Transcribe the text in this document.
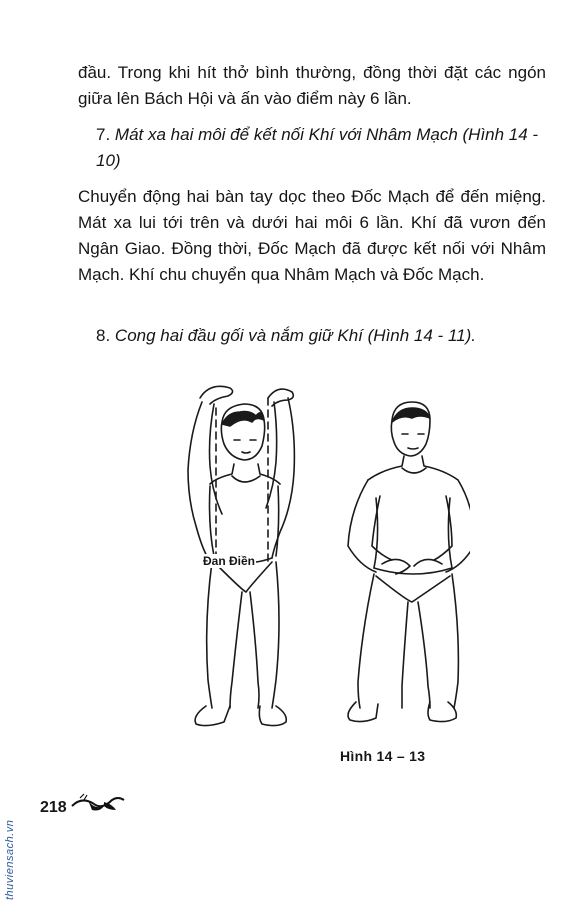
đầu. Trong khi hít thở bình thường, đồng thời đặt các ngón giữa lên Bách Hội và ấn vào điểm này 6 lần.

7. Mát xa hai môi để kết nối Khí với Nhâm Mạch (Hình 14 - 10)

Chuyển động hai bàn tay dọc theo Đốc Mạch để đến miệng. Mát xa lui tới trên và dưới hai môi 6 lần. Khí đã vươn đến Ngân Giao. Đồng thời, Đốc Mạch đã được kết nối với Nhâm Mạch. Khí chu chuyển qua Nhâm Mạch và Đốc Mạch.

8. Cong hai đầu gối và nắm giữ Khí (Hình 14 - 11).

Đan Điền
Hình 14 – 13
218
thuviensach.vn
